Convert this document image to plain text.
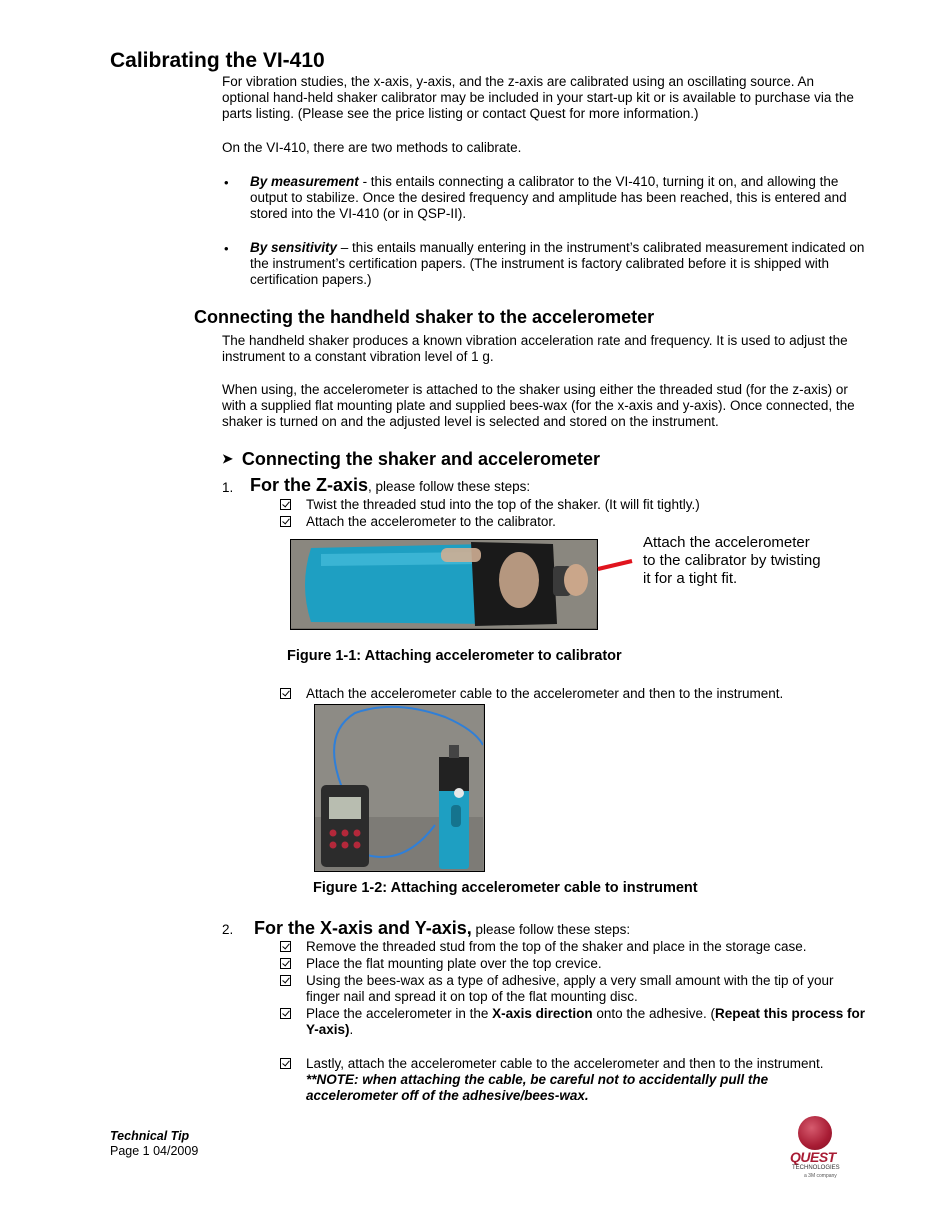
Calibrating the VI-410
For vibration studies, the x-axis, y-axis, and the z-axis are calibrated using an oscillating source. An
optional hand-held shaker calibrator may be included in your start-up kit or is available to purchase via the
parts listing. (Please see the price listing or contact Quest for more information.)
On the VI-410, there are two methods to calibrate.
• By measurement - this entails connecting a calibrator to the VI-410, turning it on, and allowing the
output to stabilize. Once the desired frequency and amplitude has been reached, this is entered and
stored into the VI-410 (or in QSP-II).
• By sensitivity – this entails manually entering in the instrument’s calibrated measurement indicated on
the instrument’s certification papers. (The instrument is factory calibrated before it is shipped with
certification papers.)
Connecting the handheld shaker to the accelerometer
The handheld shaker produces a known vibration acceleration rate and frequency. It is used to adjust the
instrument to a constant vibration level of 1 g.
When using, the accelerometer is attached to the shaker using either the threaded stud (for the z-axis) or
with a supplied flat mounting plate and supplied bees-wax (for the x-axis and y-axis). Once connected, the
shaker is turned on and the adjusted level is selected and stored on the instrument.
➤ Connecting the shaker and accelerometer
1. For the Z-axis, please follow these steps:
Twist the threaded stud into the top of the shaker. (It will fit tightly.)
Attach the accelerometer to the calibrator.
Attach the accelerometer
to the calibrator by twisting
it for a tight fit.
Figure 1-1: Attaching accelerometer to calibrator
Attach the accelerometer cable to the accelerometer and then to the instrument.
Figure 1-2: Attaching accelerometer cable to instrument
2. For the X-axis and Y-axis, please follow these steps:
Remove the threaded stud from the top of the shaker and place in the storage case.
Place the flat mounting plate over the top crevice.
Using the bees-wax as a type of adhesive, apply a very small amount with the tip of your
finger nail and spread it on top of the flat mounting disc.
Place the accelerometer in the X-axis direction onto the adhesive. (Repeat this process for
Y-axis).
Lastly, attach the accelerometer cable to the accelerometer and then to the instrument.
**NOTE: when attaching the cable, be careful not to accidentally pull the
accelerometer off of the adhesive/bees-wax.
Technical Tip
Page 1 04/2009	QUEST
TECHNOLOGIES
a 3M company
